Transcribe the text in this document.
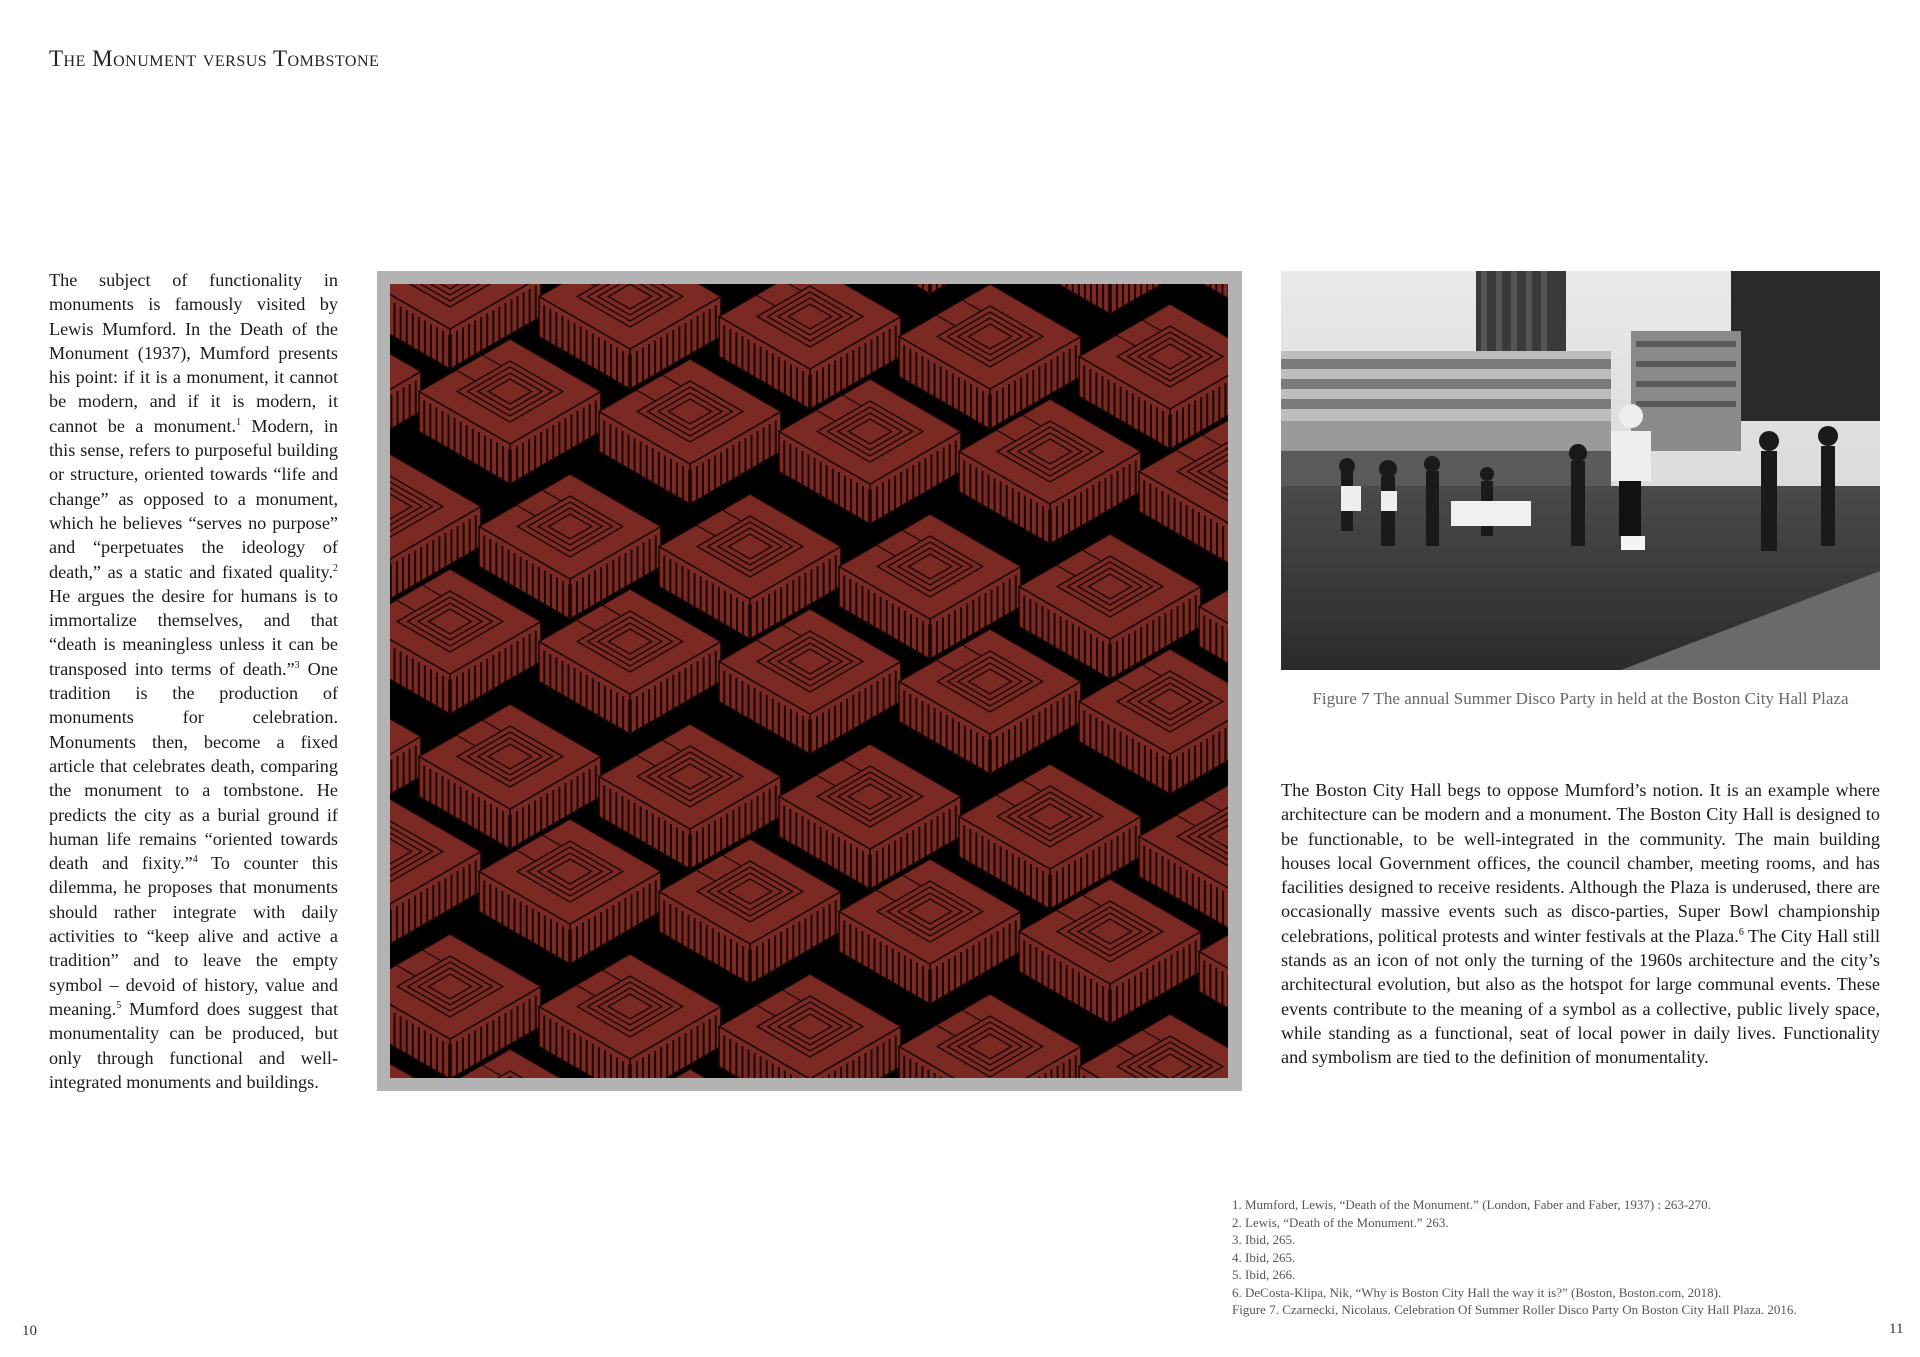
The Monument versus Tombstone

The subject of functionality in monuments is famously visited by Lewis Mumford. In the Death of the Monument (1937), Mumford presents his point: if it is a monument, it cannot be modern, and if it is modern, it cannot be a monument.$^1$ Modern, in this sense, refers to purposeful building or structure, oriented towards “life and change” as opposed to a monument, which he believes “serves no purpose” and “perpetuates the ideology of death,” as a static and fixated quality.$^2$ He argues the desire for humans is to immortalize themselves, and that “death is meaningless unless it can be transposed into terms of death.”$^3$ One tradition is the production of monuments for celebration. Monuments then, become a fixed article that celebrates death, comparing the monument to a tombstone. He predicts the city as a burial ground if human life remains “oriented towards death and fixity.”$^4$ To counter this dilemma, he proposes that monuments should rather integrate with daily activities to “keep alive and active a tradition” and to leave the empty symbol – devoid of history, value and meaning.$^5$ Mumford does suggest that monumentality can be produced, but only through functional and well-integrated monuments and buildings.

Figure 7 The annual Summer Disco Party in held at the Boston City Hall Plaza

The Boston City Hall begs to oppose Mumford’s notion. It is an example where architecture can be modern and a monument. The Boston City Hall is designed to be functionable, to be well-integrated in the community. The main building houses local Government offices, the council chamber, meeting rooms, and has facilities designed to receive residents. Although the Plaza is underused, there are occasionally massive events such as disco-parties, Super Bowl championship celebrations, political protests and winter festivals at the Plaza.$^6$ The City Hall still stands as an icon of not only the turning of the 1960s architecture and the city’s architectural evolution, but also as the hotspot for large communal events. These events contribute to the meaning of a symbol as a collective, public lively space, while standing as a functional, seat of local power in daily lives. Functionality and symbolism are tied to the definition of monumentality.

1. Mumford, Lewis, “Death of the Monument.” (London, Faber and Faber, 1937) : 263-270.
2. Lewis, “Death of the Monument.” 263.
3. Ibid, 265.
4. Ibid, 265.
5. Ibid, 266.
6. DeCosta-Klipa, Nik, “Why is Boston City Hall the way it is?” (Boston, Boston.com, 2018).
Figure 7. Czarnecki, Nicolaus. Celebration Of Summer Roller Disco Party On Boston City Hall Plaza. 2016.
10	11
